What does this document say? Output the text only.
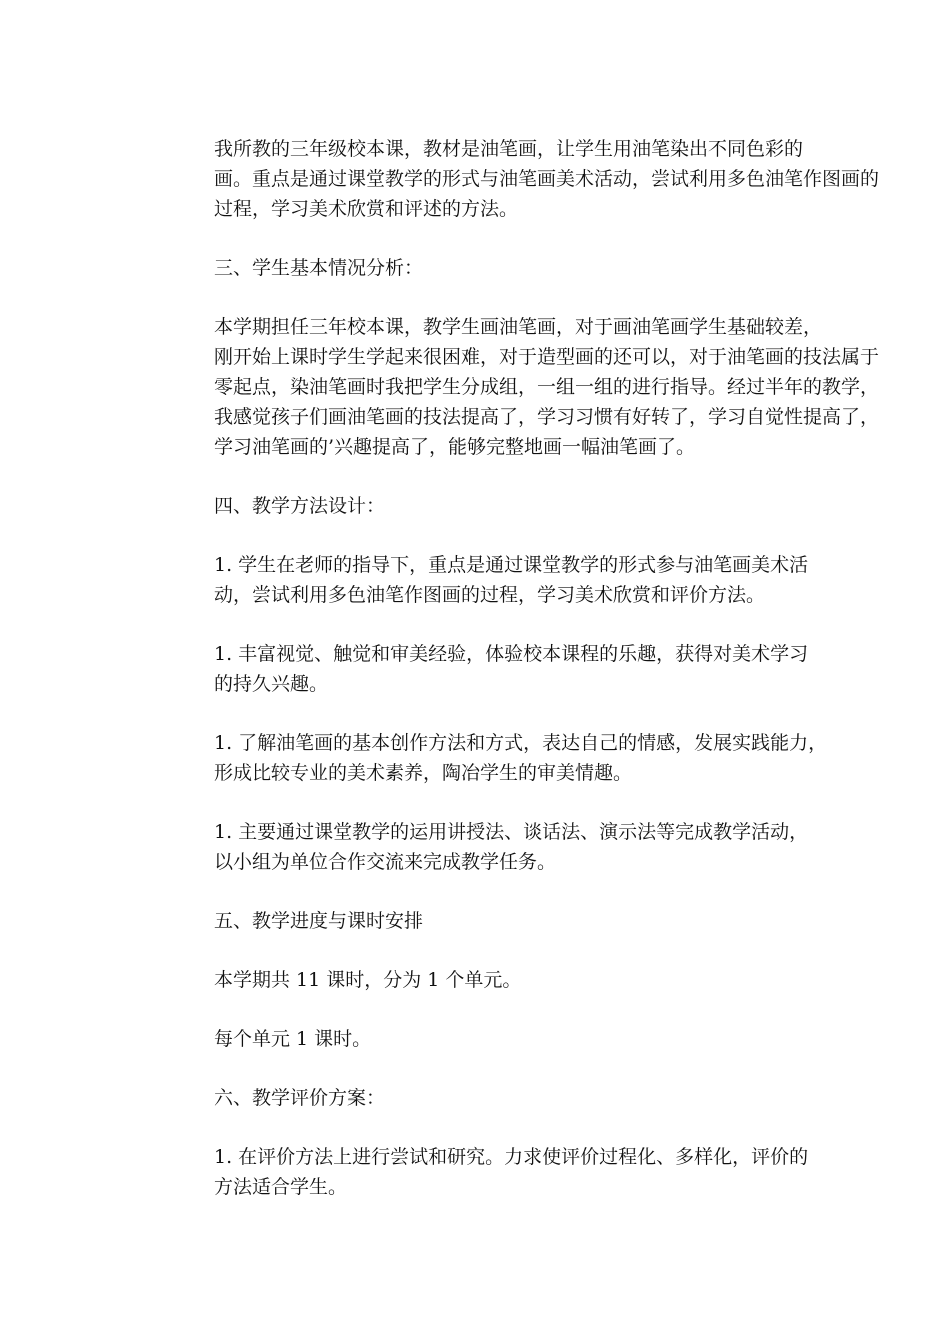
我所教的三年级校本课，教材是油笔画，让学生用油笔染出不同色彩的
画。重点是通过课堂教学的形式与油笔画美术活动，尝试利用多色油笔作图画的
过程，学习美术欣赏和评述的方法。

三、学生基本情况分析：

本学期担任三年校本课，教学生画油笔画，对于画油笔画学生基础较差，
刚开始上课时学生学起来很困难，对于造型画的还可以，对于油笔画的技法属于
零起点，染油笔画时我把学生分成组，一组一组的进行指导。经过半年的教学，
我感觉孩子们画油笔画的技法提高了，学习习惯有好转了，学习自觉性提高了，
学习油笔画的’兴趣提高了，能够完整地画一幅油笔画了。

四、教学方法设计：

1. 学生在老师的指导下，重点是通过课堂教学的形式参与油笔画美术活
动，尝试利用多色油笔作图画的过程，学习美术欣赏和评价方法。

1. 丰富视觉、触觉和审美经验，体验校本课程的乐趣，获得对美术学习
的持久兴趣。

1. 了解油笔画的基本创作方法和方式，表达自己的情感，发展实践能力，
形成比较专业的美术素养，陶冶学生的审美情趣。

1. 主要通过课堂教学的运用讲授法、谈话法、演示法等完成教学活动，
以小组为单位合作交流来完成教学任务。

五、教学进度与课时安排

本学期共 11 课时，分为 1 个单元。

每个单元 1 课时。

六、教学评价方案：

1. 在评价方法上进行尝试和研究。力求使评价过程化、多样化，评价的
方法适合学生。
